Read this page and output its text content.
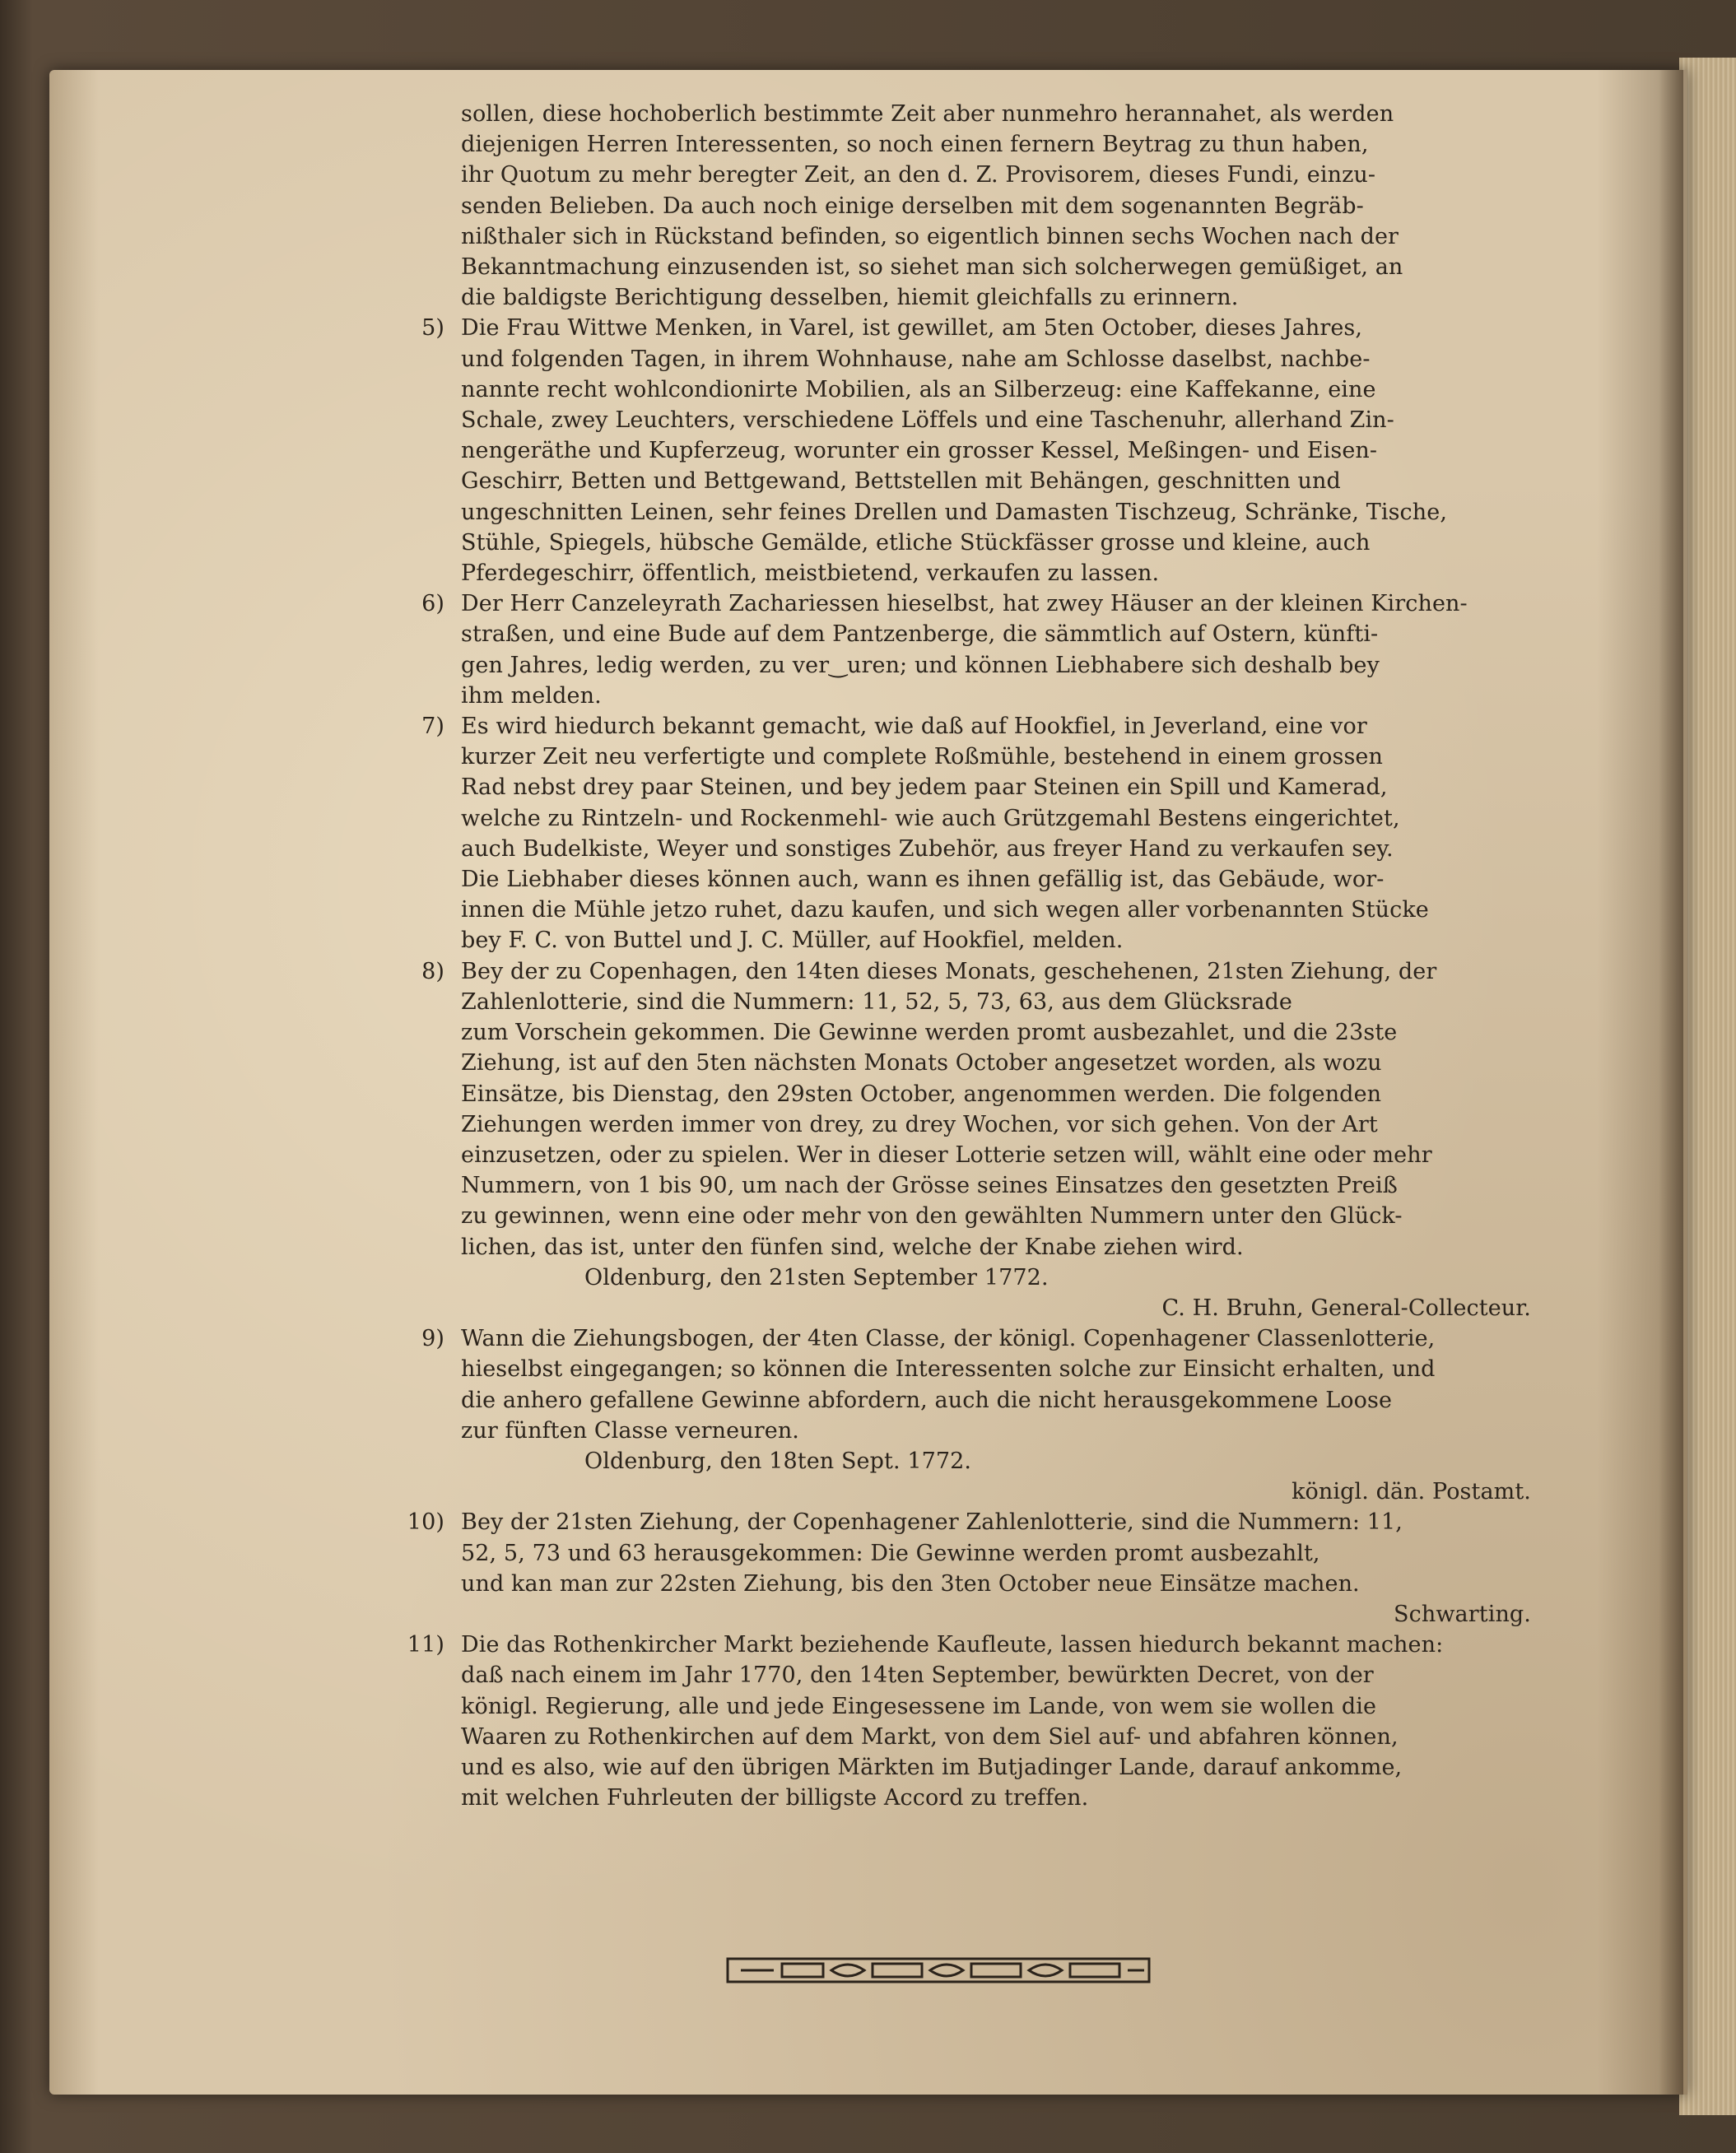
sollen, diese hochoberlich bestimmte Zeit aber nunmehro herannahet, als werden
diejenigen Herren Interessenten, so noch einen fernern Beytrag zu thun haben,
ihr Quotum zu mehr beregter Zeit, an den d. Z. Provisorem, dieses Fundi, einzu-
senden Belieben. Da auch noch einige derselben mit dem sogenannten Begräb-
nißthaler sich in Rückstand befinden, so eigentlich binnen sechs Wochen nach der
Bekanntmachung einzusenden ist, so siehet man sich solcherwegen gemüßiget, an
die baldigste Berichtigung desselben, hiemit gleichfalls zu erinnern.
5) Die Frau Wittwe Menken, in Varel, ist gewillet, am 5ten October, dieses Jahres,
und folgenden Tagen, in ihrem Wohnhause, nahe am Schlosse daselbst, nachbe-
nannte recht wohlcondionirte Mobilien, als an Silberzeug: eine Kaffekanne, eine
Schale, zwey Leuchters, verschiedene Löffels und eine Taschenuhr, allerhand Zin-
nengeräthe und Kupferzeug, worunter ein grosser Kessel, Meßingen- und Eisen-
Geschirr, Betten und Bettgewand, Bettstellen mit Behängen, geschnitten und
ungeschnitten Leinen, sehr feines Drellen und Damasten Tischzeug, Schränke, Tische,
Stühle, Spiegels, hübsche Gemälde, etliche Stückfässer grosse und kleine, auch
Pferdegeschirr, öffentlich, meistbietend, verkaufen zu lassen.
6) Der Herr Canzeleyrath Zachariessen hieselbst, hat zwey Häuser an der kleinen Kirchen-
straßen, und eine Bude auf dem Pantzenberge, die sämmtlich auf Ostern, künfti-
gen Jahres, ledig werden, zu ver‿uren; und können Liebhabere sich deshalb bey
ihm melden.
7) Es wird hiedurch bekannt gemacht, wie daß auf Hookfiel, in Jeverland, eine vor
kurzer Zeit neu verfertigte und complete Roßmühle, bestehend in einem grossen
Rad nebst drey paar Steinen, und bey jedem paar Steinen ein Spill und Kamerad,
welche zu Rintzeln- und Rockenmehl- wie auch Grützgemahl Bestens eingerichtet,
auch Budelkiste, Weyer und sonstiges Zubehör, aus freyer Hand zu verkaufen sey.
Die Liebhaber dieses können auch, wann es ihnen gefällig ist, das Gebäude, wor-
innen die Mühle jetzo ruhet, dazu kaufen, und sich wegen aller vorbenannten Stücke
bey F. C. von Buttel und J. C. Müller, auf Hookfiel, melden.
8) Bey der zu Copenhagen, den 14ten dieses Monats, geschehenen, 21sten Ziehung, der
Zahlenlotterie, sind die Nummern: 11, 52, 5, 73, 63, aus dem Glücksrade
zum Vorschein gekommen. Die Gewinne werden promt ausbezahlet, und die 23ste
Ziehung, ist auf den 5ten nächsten Monats October angesetzet worden, als wozu
Einsätze, bis Dienstag, den 29sten October, angenommen werden. Die folgenden
Ziehungen werden immer von drey, zu drey Wochen, vor sich gehen. Von der Art
einzusetzen, oder zu spielen. Wer in dieser Lotterie setzen will, wählt eine oder mehr
Nummern, von 1 bis 90, um nach der Grösse seines Einsatzes den gesetzten Preiß
zu gewinnen, wenn eine oder mehr von den gewählten Nummern unter den Glück-
lichen, das ist, unter den fünfen sind, welche der Knabe ziehen wird.
Oldenburg, den 21sten September 1772.
C. H. Bruhn, General-Collecteur.
9) Wann die Ziehungsbogen, der 4ten Classe, der königl. Copenhagener Classenlotterie,
hieselbst eingegangen; so können die Interessenten solche zur Einsicht erhalten, und
die anhero gefallene Gewinne abfordern, auch die nicht herausgekommene Loose
zur fünften Classe verneuren.
Oldenburg, den 18ten Sept. 1772.
königl. dän. Postamt.
10) Bey der 21sten Ziehung, der Copenhagener Zahlenlotterie, sind die Nummern: 11,
52, 5, 73 und 63 herausgekommen: Die Gewinne werden promt ausbezahlt,
und kan man zur 22sten Ziehung, bis den 3ten October neue Einsätze machen.
Schwarting.
11) Die das Rothenkircher Markt beziehende Kaufleute, lassen hiedurch bekannt machen:
daß nach einem im Jahr 1770, den 14ten September, bewürkten Decret, von der
königl. Regierung, alle und jede Eingesessene im Lande, von wem sie wollen die
Waaren zu Rothenkirchen auf dem Markt, von dem Siel auf- und abfahren können,
und es also, wie auf den übrigen Märkten im Butjadinger Lande, darauf ankomme,
mit welchen Fuhrleuten der billigste Accord zu treffen.
